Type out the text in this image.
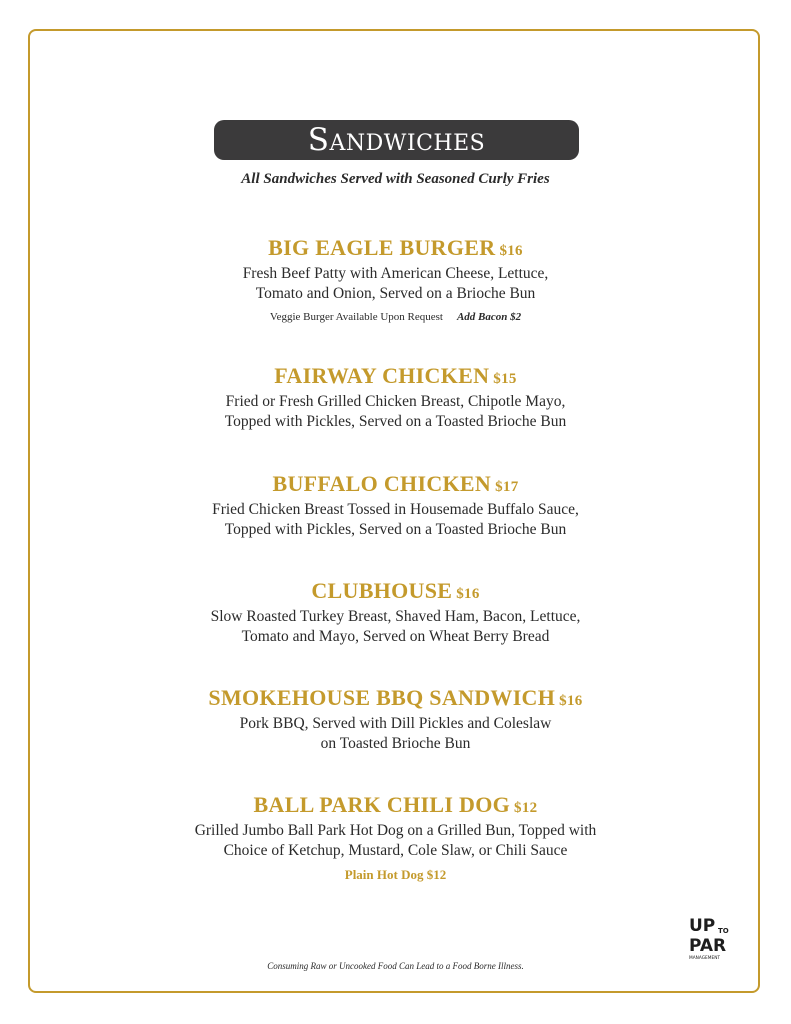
Sandwiches
All Sandwiches Served with Seasoned Curly Fries
BIG EAGLE BURGER $16
Fresh Beef Patty with American Cheese, Lettuce,
Tomato and Onion, Served on a Brioche Bun
Veggie Burger Available Upon Request Add Bacon $2
FAIRWAY CHICKEN $15
Fried or Fresh Grilled Chicken Breast, Chipotle Mayo,
Topped with Pickles, Served on a Toasted Brioche Bun
BUFFALO CHICKEN $17
Fried Chicken Breast Tossed in Housemade Buffalo Sauce,
Topped with Pickles, Served on a Toasted Brioche Bun
CLUBHOUSE $16
Slow Roasted Turkey Breast, Shaved Ham, Bacon, Lettuce,
Tomato and Mayo, Served on Wheat Berry Bread
SMOKEHOUSE BBQ SANDWICH $16
Pork BBQ, Served with Dill Pickles and Coleslaw
on Toasted Brioche Bun
BALL PARK CHILI DOG $12
Grilled Jumbo Ball Park Hot Dog on a Grilled Bun, Topped with
Choice of Ketchup, Mustard, Cole Slaw, or Chili Sauce
Plain Hot Dog $12
UP TO
PAR
MANAGEMENT
Consuming Raw or Uncooked Food Can Lead to a Food Borne Illness.
